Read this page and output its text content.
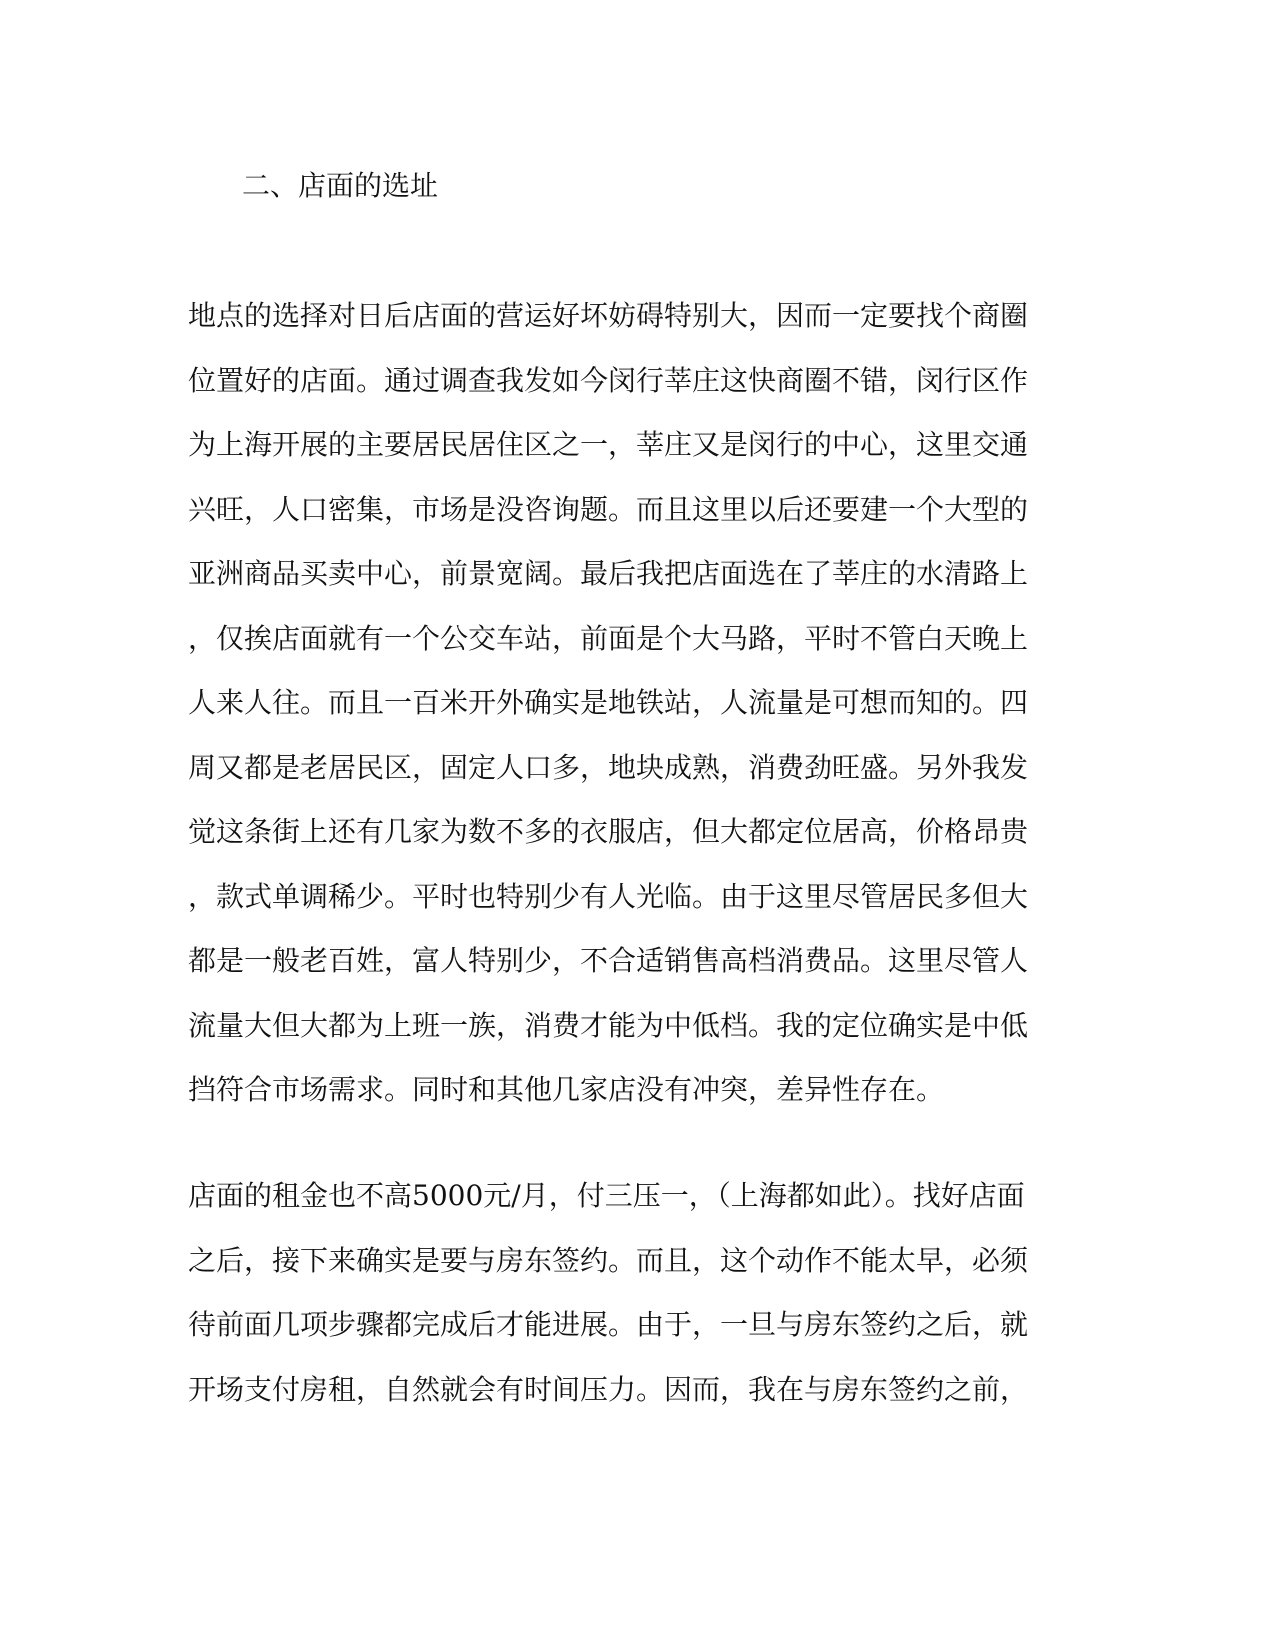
二、店面的选址
地点的选择对日后店面的营运好坏妨碍特别大，因而一定要找个商圈
位置好的店面。通过调查我发如今闵行莘庄这快商圈不错，闵行区作
为上海开展的主要居民居住区之一，莘庄又是闵行的中心，这里交通
兴旺，人口密集，市场是没咨询题。而且这里以后还要建一个大型的
亚洲商品买卖中心，前景宽阔。最后我把店面选在了莘庄的水清路上
，仅挨店面就有一个公交车站，前面是个大马路，平时不管白天晚上
人来人往。而且一百米开外确实是地铁站，人流量是可想而知的。四
周又都是老居民区，固定人口多，地块成熟，消费劲旺盛。另外我发
觉这条街上还有几家为数不多的衣服店，但大都定位居高，价格昂贵
，款式单调稀少。平时也特别少有人光临。由于这里尽管居民多但大
都是一般老百姓，富人特别少，不合适销售高档消费品。这里尽管人
流量大但大都为上班一族，消费才能为中低档。我的定位确实是中低
挡符合市场需求。同时和其他几家店没有冲突，差异性存在。
店面的租金也不高5000元/月，付三压一，（上海都如此）。找好店面
之后，接下来确实是要与房东签约。而且，这个动作不能太早，必须
待前面几项步骤都完成后才能进展。由于，一旦与房东签约之后，就
开场支付房租，自然就会有时间压力。因而，我在与房东签约之前，
